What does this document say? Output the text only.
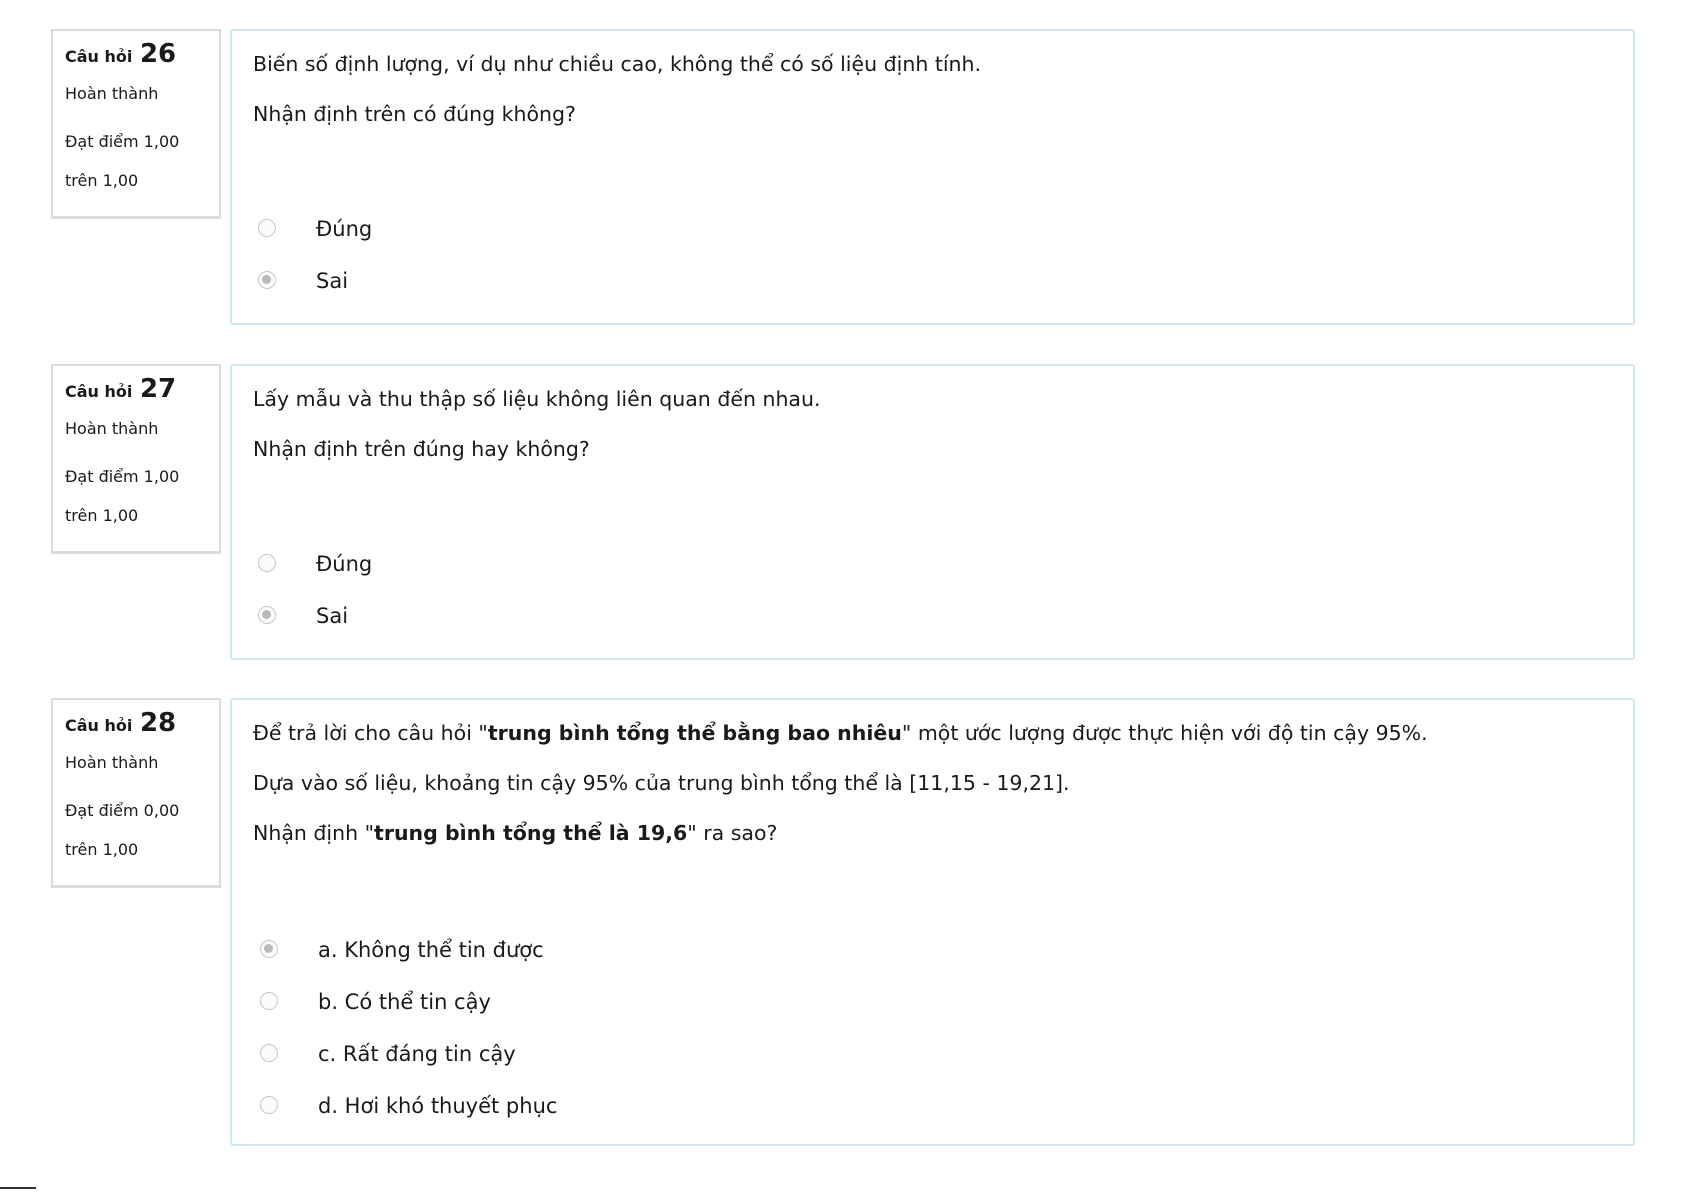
Câu hỏi 26
Hoàn thành
Đạt điểm 1,00
trên 1,00
Biến số định lượng, ví dụ như chiều cao, không thể có số liệu định tính.
Nhận định trên có đúng không?
Đúng
Sai
Câu hỏi 27
Hoàn thành
Đạt điểm 1,00
trên 1,00
Lấy mẫu và thu thập số liệu không liên quan đến nhau.
Nhận định trên đúng hay không?
Đúng
Sai
Câu hỏi 28
Hoàn thành
Đạt điểm 0,00
trên 1,00
Để trả lời cho câu hỏi "trung bình tổng thể bằng bao nhiêu" một ước lượng được thực hiện với độ tin cậy 95%.
Dựa vào số liệu, khoảng tin cậy 95% của trung bình tổng thể là [11,15 - 19,21].
Nhận định "trung bình tổng thể là 19,6" ra sao?
a. Không thể tin được
b. Có thể tin cậy
c. Rất đáng tin cậy
d. Hơi khó thuyết phục
